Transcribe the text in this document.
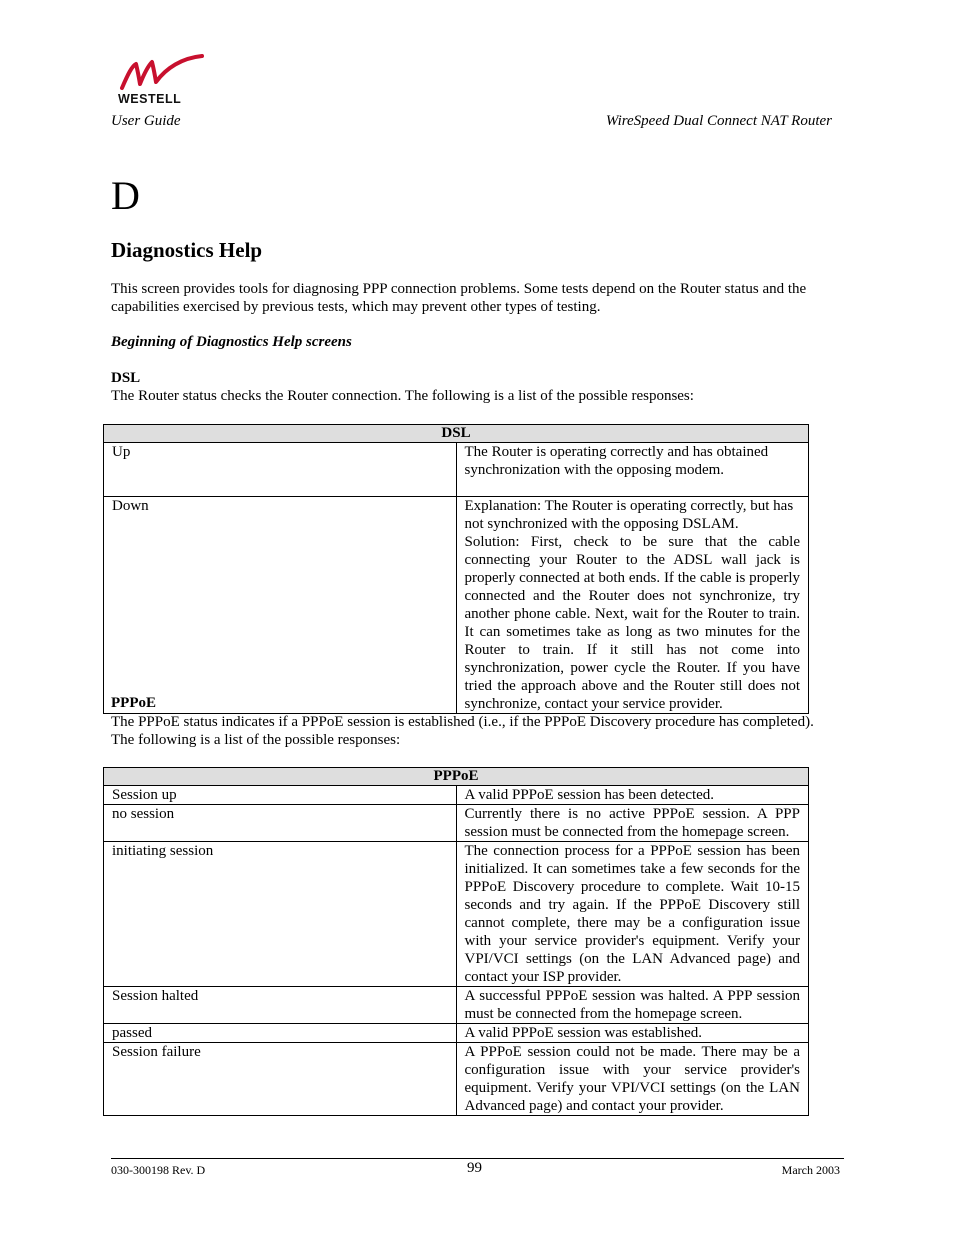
WESTELL
User Guide	WireSpeed Dual Connect NAT Router
D
Diagnostics Help
This screen provides tools for diagnosing PPP connection problems. Some tests depend on the Router status and the capabilities exercised by previous tests, which may prevent other types of testing.
Beginning of Diagnostics Help screens
DSL
The Router status checks the Router connection. The following is a list of the possible responses:
DSL	
Up	The Router is operating correctly and has obtained synchronization with the opposing modem.
Down	Explanation: The Router is operating correctly, but has not synchronized with the opposing DSLAM.
Solution: First, check to be sure that the cable connecting your Router to the ADSL wall jack is properly connected at both ends. If the cable is properly connected and the Router does not synchronize, try another phone cable. Next, wait for the Router to train. It can sometimes take as long as two minutes for the Router to train. If it still has not come into synchronization, power cycle the Router. If you have tried the approach above and the Router still does not synchronize, contact your service provider.
PPPoE
The PPPoE status indicates if a PPPoE session is established (i.e., if the PPPoE Discovery procedure has completed). The following is a list of the possible responses:
PPPoE	
Session up	A valid PPPoE session has been detected.
no session	Currently there is no active PPPoE session. A PPP session must be connected from the homepage screen.
initiating session	The connection process for a PPPoE session has been initialized. It can sometimes take a few seconds for the PPPoE Discovery procedure to complete. Wait 10-15 seconds and try again. If the PPPoE Discovery still cannot complete, there may be a configuration issue with your service provider's equipment. Verify your VPI/VCI settings (on the LAN Advanced page) and contact your ISP provider.
Session halted	A successful PPPoE session was halted. A PPP session must be connected from the homepage screen.
passed	A valid PPPoE session was established.
Session failure	A PPPoE session could not be made. There may be a configuration issue with your service provider's equipment. Verify your VPI/VCI settings (on the LAN Advanced page) and contact your provider.
030-300198 Rev. D	99	March 2003
